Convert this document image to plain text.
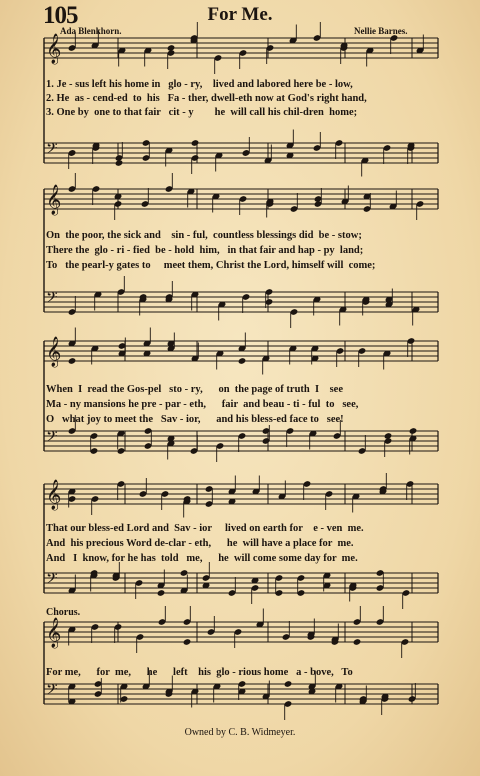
105	For Me.
Ada Blenkhorn.	Nellie Barnes.
𝄞
𝄢
𝄞
𝄢
𝄞
𝄢
𝄞
𝄢
𝄞
𝄢
1. Je - sus left his home in   glo - ry,    lived and labored here be - low,
2. He  as - cend-ed  to  his   Fa - ther, dwell-eth now at God's right hand,
3. One by  one to that fair   cit - y        he  will call his chil-dren  home;
On  the poor, the sick and    sin - ful,  countless blessings did  be - stow;
There the  glo - ri - fied  be - hold  him,   in that fair and hap - py  land;
To   the pearl-y gates to     meet them, Christ the Lord, himself will  come;
When  I  read the Gos-pel   sto - ry,      on  the page of truth  I    see
Ma - ny mansions he pre - par - eth,      fair  and beau - ti - ful  to   see,
O   what joy to meet the   Sav - ior,      and his bless-ed face to   see!
That our bless-ed Lord and  Sav - ior     lived on earth for    e - ven  me.
And  his precious Word de-clar - eth,      he  will have a place for  me.
And   I  know, for he has  told   me,      he  will come some day for  me.
Chorus.
For me,      for  me,      he      left    his  glo - rious home   a - bove,   To
Owned by C. B. Widmeyer.
